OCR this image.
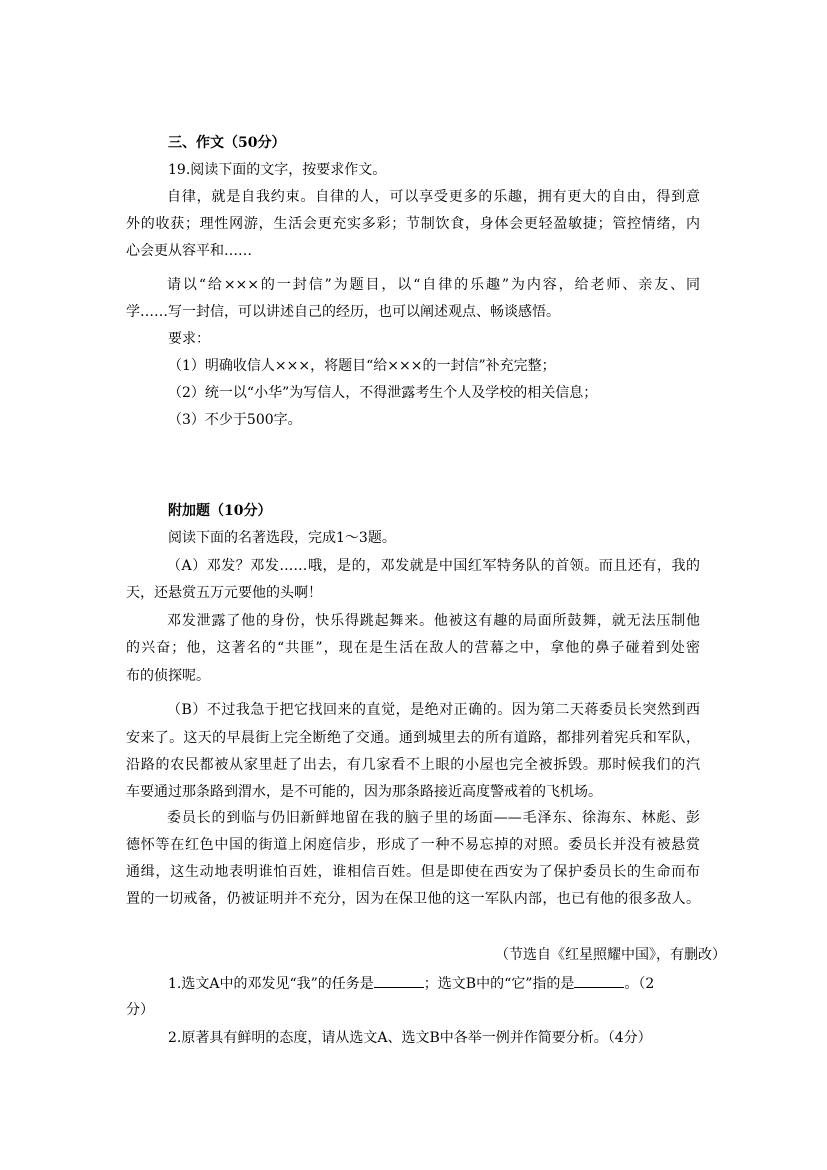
三、作文（50分）
19.阅读下面的文字，按要求作文。
自律，就是自我约束。自律的人，可以享受更多的乐趣，拥有更大的自由，得到意
外的收获；理性网游，生活会更充实多彩；节制饮食，身体会更轻盈敏捷；管控情绪，内
心会更从容平和……
请以“给×××的一封信”为题目，以“自律的乐趣”为内容，给老师、亲友、同
学……写一封信，可以讲述自己的经历，也可以阐述观点、畅谈感悟。
要求：
（1）明确收信人×××，将题目“给×××的一封信”补充完整；
（2）统一以“小华”为写信人，不得泄露考生个人及学校的相关信息；
（3）不少于500字。
附加题（10分）
阅读下面的名著选段，完成1～3题。
（A）邓发？邓发……哦，是的，邓发就是中国红军特务队的首领。而且还有，我的
天，还悬赏五万元要他的头啊！
邓发泄露了他的身份，快乐得跳起舞来。他被这有趣的局面所鼓舞，就无法压制他
的兴奋；他，这著名的“共匪”，现在是生活在敌人的营幕之中，拿他的鼻子碰着到处密
布的侦探呢。
（B）不过我急于把它找回来的直觉，是绝对正确的。因为第二天蒋委员长突然到西
安来了。这天的早晨街上完全断绝了交通。通到城里去的所有道路，都排列着宪兵和军队，
沿路的农民都被从家里赶了出去，有几家看不上眼的小屋也完全被拆毁。那时候我们的汽
车要通过那条路到渭水，是不可能的，因为那条路接近高度警戒着的飞机场。
委员长的到临与仍旧新鲜地留在我的脑子里的场面——毛泽东、徐海东、林彪、彭
德怀等在红色中国的街道上闲庭信步，形成了一种不易忘掉的对照。委员长并没有被悬赏
通缉，这生动地表明谁怕百姓，谁相信百姓。但是即使在西安为了保护委员长的生命而布
置的一切戒备，仍被证明并不充分，因为在保卫他的这一军队内部，也已有他的很多敌人。
（节选自《红星照耀中国》，有删改）
1.选文A中的邓发见“我”的任务是	；选文B中的“它”指的是	。（2
分）
2.原著具有鲜明的态度，请从选文A、选文B中各举一例并作简要分析。（4分）
